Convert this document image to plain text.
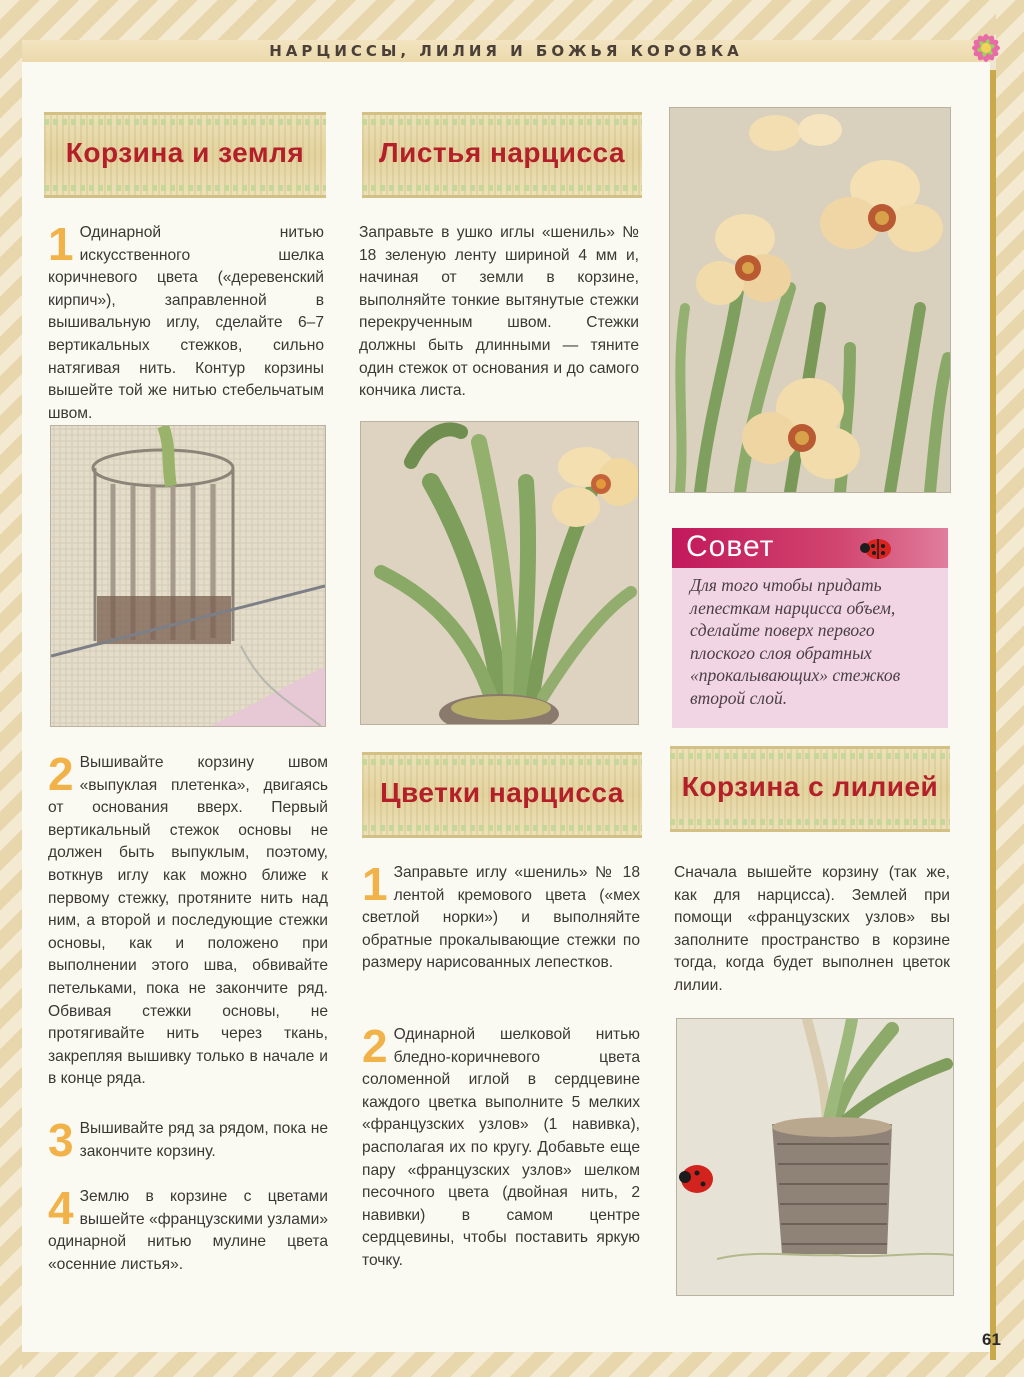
НАРЦИССЫ, ЛИЛИЯ И БОЖЬЯ КОРОВКА
Корзина и земля
1 Одинарной нитью искусственного шелка коричневого цвета («деревенский кирпич»), заправленной в вышивальную иглу, сделайте 6–7 вертикальных стежков, сильно натягивая нить. Контур корзины вышейте той же нитью стебельчатым швом.
2 Вышивайте корзину швом «выпуклая плетенка», двигаясь от основания вверх. Первый вертикальный стежок основы не должен быть выпуклым, поэтому, воткнув иглу как можно ближе к первому стежку, протяните нить над ним, а второй и последующие стежки основы, как и положено при выполнении этого шва, обвивайте петельками, пока не закончите ряд. Обвивая стежки основы, не протягивайте нить через ткань, закрепляя вышивку только в начале и в конце ряда.
3 Вышивайте ряд за рядом, пока не закончите корзину.
4 Землю в корзине с цветами вышейте «французскими узлами» одинарной нитью мулине цвета «осенние листья».
Листья нарцисса
Заправьте в ушко иглы «шениль» № 18 зеленую ленту шириной 4 мм и, начиная от земли в корзине, выполняйте тонкие вытянутые стежки перекрученным швом. Стежки должны быть длинными — тяните один стежок от основания и до самого кончика листа.
Совет
Для того чтобы придать лепесткам нарцисса объем, сделайте поверх первого плоского слоя обратных «прокалывающих» стежков второй слой.
Цветки нарцисса
1 Заправьте иглу «шениль» № 18 лентой кремового цвета («мех светлой норки») и выполняйте обратные прокалывающие стежки по размеру нарисованных лепестков.
2 Одинарной шелковой нитью бледно-коричневого цвета соломенной иглой в сердцевине каждого цветка выполните 5 мелких «французских узлов» (1 навивка), располагая их по кругу. Добавьте еще пару «французских узлов» шелком песочного цвета (двойная нить, 2 навивки) в самом центре сердцевины, чтобы поставить яркую точку.
Корзина с лилией
Сначала вышейте корзину (так же, как для нарцисса). Землей при помощи «французских узлов» вы заполните пространство в корзине тогда, когда будет выполнен цветок лилии.
61
